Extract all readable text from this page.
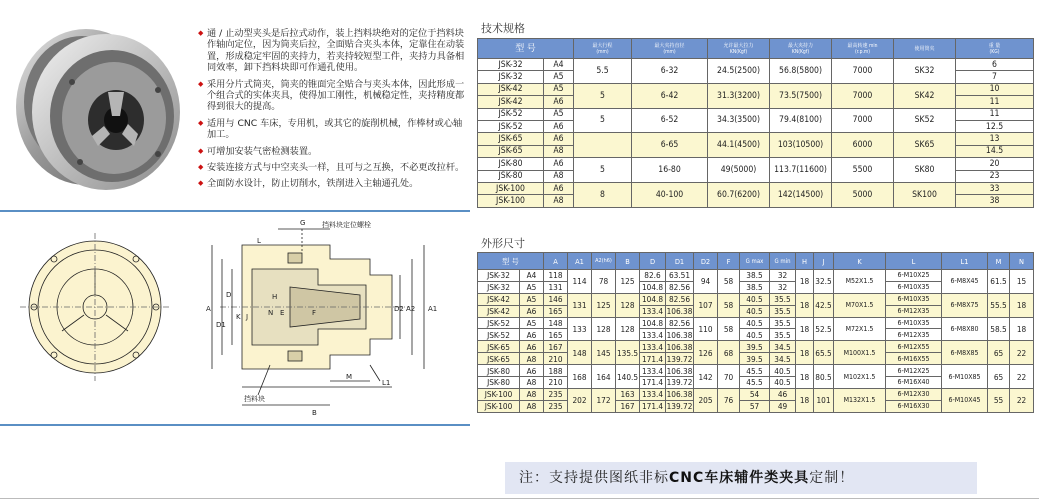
◆ 通 / 止动型夹头是后拉式动作，装上挡料块绝对的定位于挡料块作轴向定位，因为筒夹后拉，全面贴合夹头本体，定靠住在动装置，形成稳定牢固的夹持力，若夹持较短型工件，夹持力具备相同效率，卸下挡料块即可作通孔使用。
◆ 采用分片式筒夹，筒夹的锥面完全贴合与夹头本体，因此形成一个组合式的实体夹具，使得加工刚性，机械稳定性，夹持精度都得到很大的提高。
◆ 适用与 CNC 车床，专用机，或其它的旋削机械，作棒材或心轴加工。
◆ 可增加安装气密检测装置。
◆ 安装连接方式与中空夹头一样，且可与之互换，不必更改拉杆。
◆ 全面防水设计，防止切削水，铁削进入主轴通孔处。
技术规格
型 号		最大行程
(mm)	最大夹持直径
(mm)	允许最大拉力
KN(Kgf)	最大夹持力
KN(Kgf)	最高转速 min
(r.p.m)	使用筒夹	重 量
(KG)
JSK-32	A4	5.5	6-32	24.5(2500)	56.8(5800)	7000	SK32	6
JSK-32	A5							7
JSK-42	A5	5	6-42	31.3(3200)	73.5(7500)	7000	SK42	10
JSK-42	A6							11
JSK-52	A5	5	6-52	34.3(3500)	79.4(8100)	7000	SK52	11
JSK-52	A6							12.5
JSK-65	A6		6-65	44.1(4500)	103(10500)	6000	SK65	13
JSK-65	A8							14.5
JSK-80	A6	5	16-80	49(5000)	113.7(11600)	5500	SK80	20
JSK-80	A8							23
JSK-100	A6	8	40-100	60.7(6200)	142(14500)	5000	SK100	33
JSK-100	A8							38
外形尺寸
型 号		A	A1	A2(h6)	B	D	D1	D2	F	G max	G min	H	J	K	L	L1	M	N
JSK-32	A4	118	114	78	125	82.6	63.51	94	58	38.5	32	18	32.5	M52X1.5	6-M10X25	6-M8X45	61.5	15
JSK-32	A5	131				104.8	82.56			38.5	32				6-M10X35			
JSK-42	A5	146	131	125	128	104.8	82.56	107	58	40.5	35.5	18	42.5	M70X1.5	6-M10X35	6-M8X75	55.5	18
JSK-42	A6	165				133.4	106.38			40.5	35.5				6-M12X35			
JSK-52	A5	148	133	128	128	104.8	82.56	110	58	40.5	35.5	18	52.5	M72X1.5	6-M10X35	6-M8X80	58.5	18
JSK-52	A6	165				133.4	106.38			40.5	35.5				6-M12X35			
JSK-65	A6	167	148	145	135.5	133.4	106.38	126	68	39.5	34.5	18	65.5	M100X1.5	6-M12X55	6-M8X85	65	22
JSK-65	A8	210				171.4	139.72			39.5	34.5				6-M16X55			
JSK-80	A6	188	168	164	140.5	133.4	106.38	142	70	45.5	40.5	18	80.5	M102X1.5	6-M12X25	6-M10X85	65	22
JSK-80	A8	210				171.4	139.72			45.5	40.5				6-M16X40			
JSK-100	A8	235	202	172	163	133.4	106.38	205	76	54	46	18	101	M132X1.5	6-M12X30	6-M10X45	55	22
JSK-100	A8	235			167	171.4	139.72			57	49				6-M16X30			
挡料块定位螺栓
挡料块
G
L
A
D1
D
K J	F
H
N E	D2 A2 A1
L1
M
B
注：支持提供图纸非标CNC车床辅件类夹具定制！
